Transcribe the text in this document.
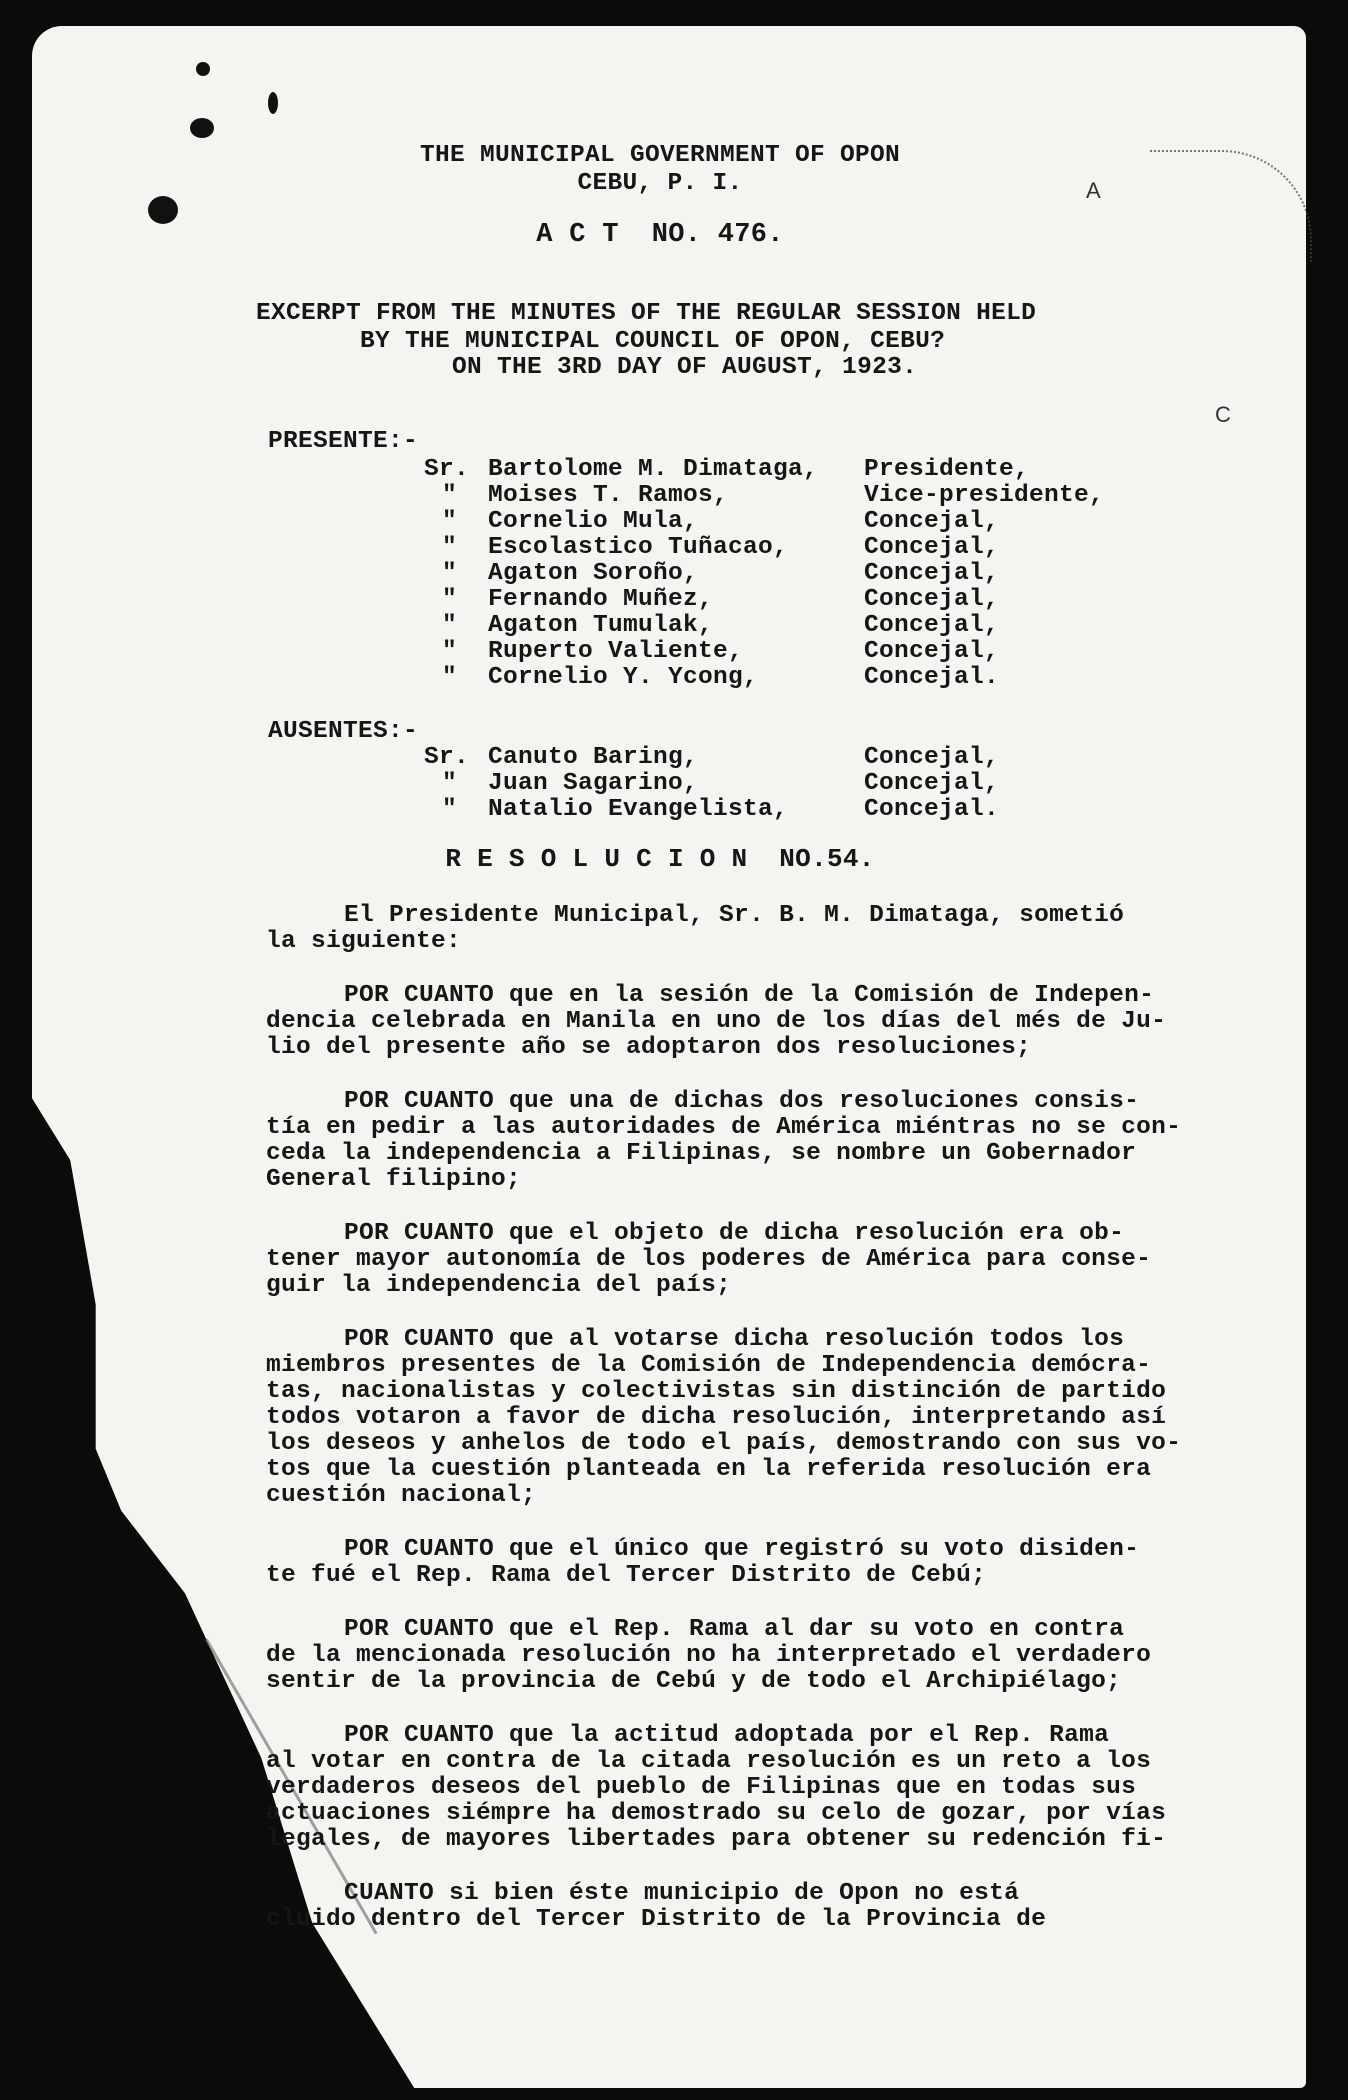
A
C
THE MUNICIPAL GOVERNMENT OF OPON
CEBU, P. I.
A C T  NO. 476.
EXCERPT FROM THE MINUTES OF THE REGULAR SESSION HELD
BY THE MUNICIPAL COUNCIL OF OPON, CEBU?
ON THE 3RD DAY OF AUGUST, 1923.
PRESENTE:-
Sr. Bartolome M. Dimataga, Presidente,
" Moises T. Ramos,	Vice-presidente,
" Cornelio Mula,	Concejal,
" Escolastico Tuñacao,	Concejal,
" Agaton Soroño,	Concejal,
" Fernando Muñez,	Concejal,
" Agaton Tumulak,	Concejal,
" Ruperto Valiente,	Concejal,
" Cornelio Y. Ycong,	Concejal.
AUSENTES:-
Sr. Canuto Baring,	Concejal,
" Juan Sagarino,	Concejal,
" Natalio Evangelista,	Concejal.
R E S O L U C I O N  NO.54.
El Presidente Municipal, Sr. B. M. Dimataga, sometió
la siguiente:
POR CUANTO que en la sesión de la Comisión de Indepen-
dencia celebrada en Manila en uno de los días del més de Ju-
lio del presente año se adoptaron dos resoluciones;
POR CUANTO que una de dichas dos resoluciones consis-
tía en pedir a las autoridades de América miéntras no se con-
ceda la independencia a Filipinas, se nombre un Gobernador
General filipino;
POR CUANTO que el objeto de dicha resolución era ob-
tener mayor autonomía de los poderes de América para conse-
guir la independencia del país;
POR CUANTO que al votarse dicha resolución todos los
miembros presentes de la Comisión de Independencia demócra-
tas, nacionalistas y colectivistas sin distinción de partido
todos votaron a favor de dicha resolución, interpretando así
los deseos y anhelos de todo el país, demostrando con sus vo-
tos que la cuestión planteada en la referida resolución era
cuestión nacional;
POR CUANTO que el único que registró su voto disiden-
te fué el Rep. Rama del Tercer Distrito de Cebú;
POR CUANTO que el Rep. Rama al dar su voto en contra
de la mencionada resolución no ha interpretado el verdadero
sentir de la provincia de Cebú y de todo el Archipiélago;
POR CUANTO que la actitud adoptada por el Rep. Rama
al votar en contra de la citada resolución es un reto a los
verdaderos deseos del pueblo de Filipinas que en todas sus
actuaciones siémpre ha demostrado su celo de gozar, por vías
legales, de mayores libertades para obtener su redención fi-
CUANTO si bien éste municipio de Opon no está
cluido dentro del Tercer Distrito de la Provincia de
